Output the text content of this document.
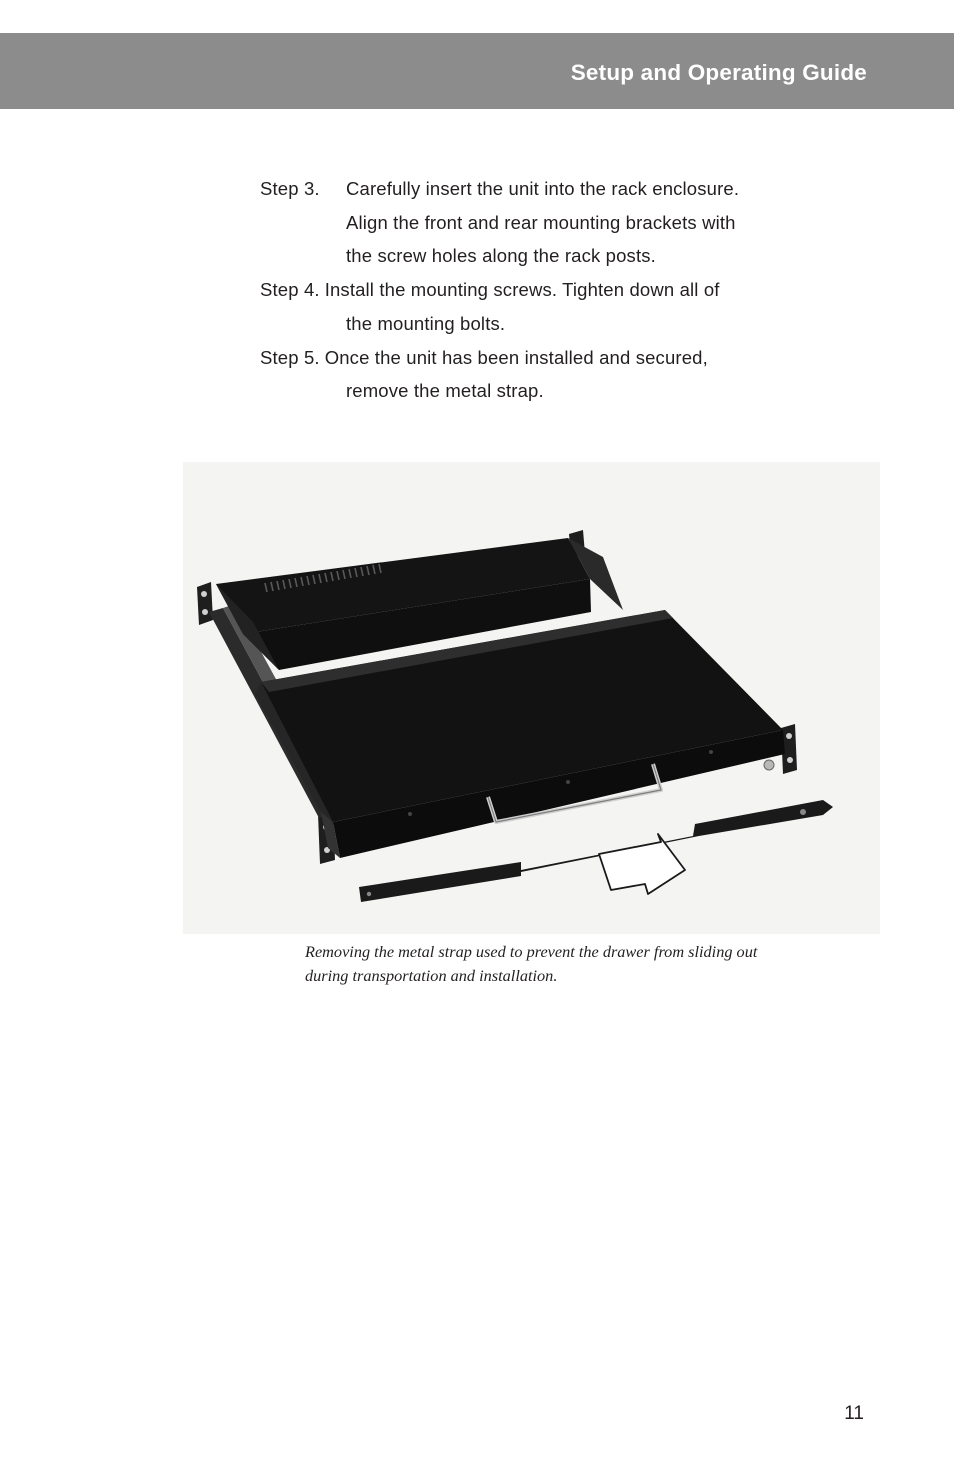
Setup and Operating Guide
Step 3. Carefully insert the unit into the rack enclosure.
Align the front and rear mounting brackets with
the screw holes along the rack posts.
Step 4. Install the mounting screws. Tighten down all of
the mounting bolts.
Step 5. Once the unit has been installed and secured,
remove the metal strap.
Removing the metal strap used to prevent the drawer from sliding out
during transportation and installation.
11
